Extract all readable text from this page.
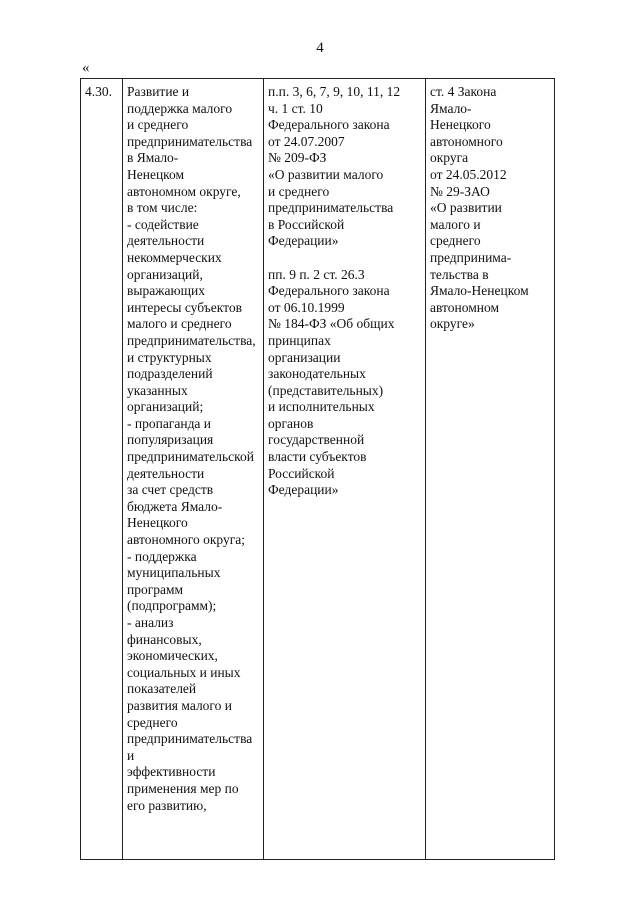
4
«
4.30.	Развитие и
поддержка малого
и среднего
предпринимательства в Ямало-
Ненецком
автономном округе,
в том числе:
- содействие
деятельности
некоммерческих
организаций,
выражающих
интересы субъектов
малого и среднего
предпринимательства, и структурных
подразделений
указанных
организаций;
- пропаганда и
популяризация
предпринимательской деятельности
за счет средств
бюджета Ямало-
Ненецкого
автономного округа;
- поддержка
муниципальных
программ
(подпрограмм);
- анализ
финансовых,
экономических,
социальных и иных
показателей
развития малого и
среднего
предпринимательства и
эффективности
применения мер по
его развитию,	п.п. 3, 6, 7, 9, 10, 11, 12
ч. 1 ст. 10
Федерального закона
от 24.07.2007
№ 209-ФЗ
«О развитии малого
и среднего
предпринимательства
в Российской
Федерации»

пп. 9 п. 2 ст. 26.3
Федерального закона
от 06.10.1999
№ 184-ФЗ «Об общих
принципах
организации
законодательных
(представительных)
и исполнительных
органов
государственной
власти субъектов
Российской
Федерации»	ст. 4 Закона
Ямало-
Ненецкого
автономного
округа
от 24.05.2012
№ 29-ЗАО
«О развитии
малого и
среднего
предпринима-
тельства в
Ямало-Ненецком
автономном
округе»
